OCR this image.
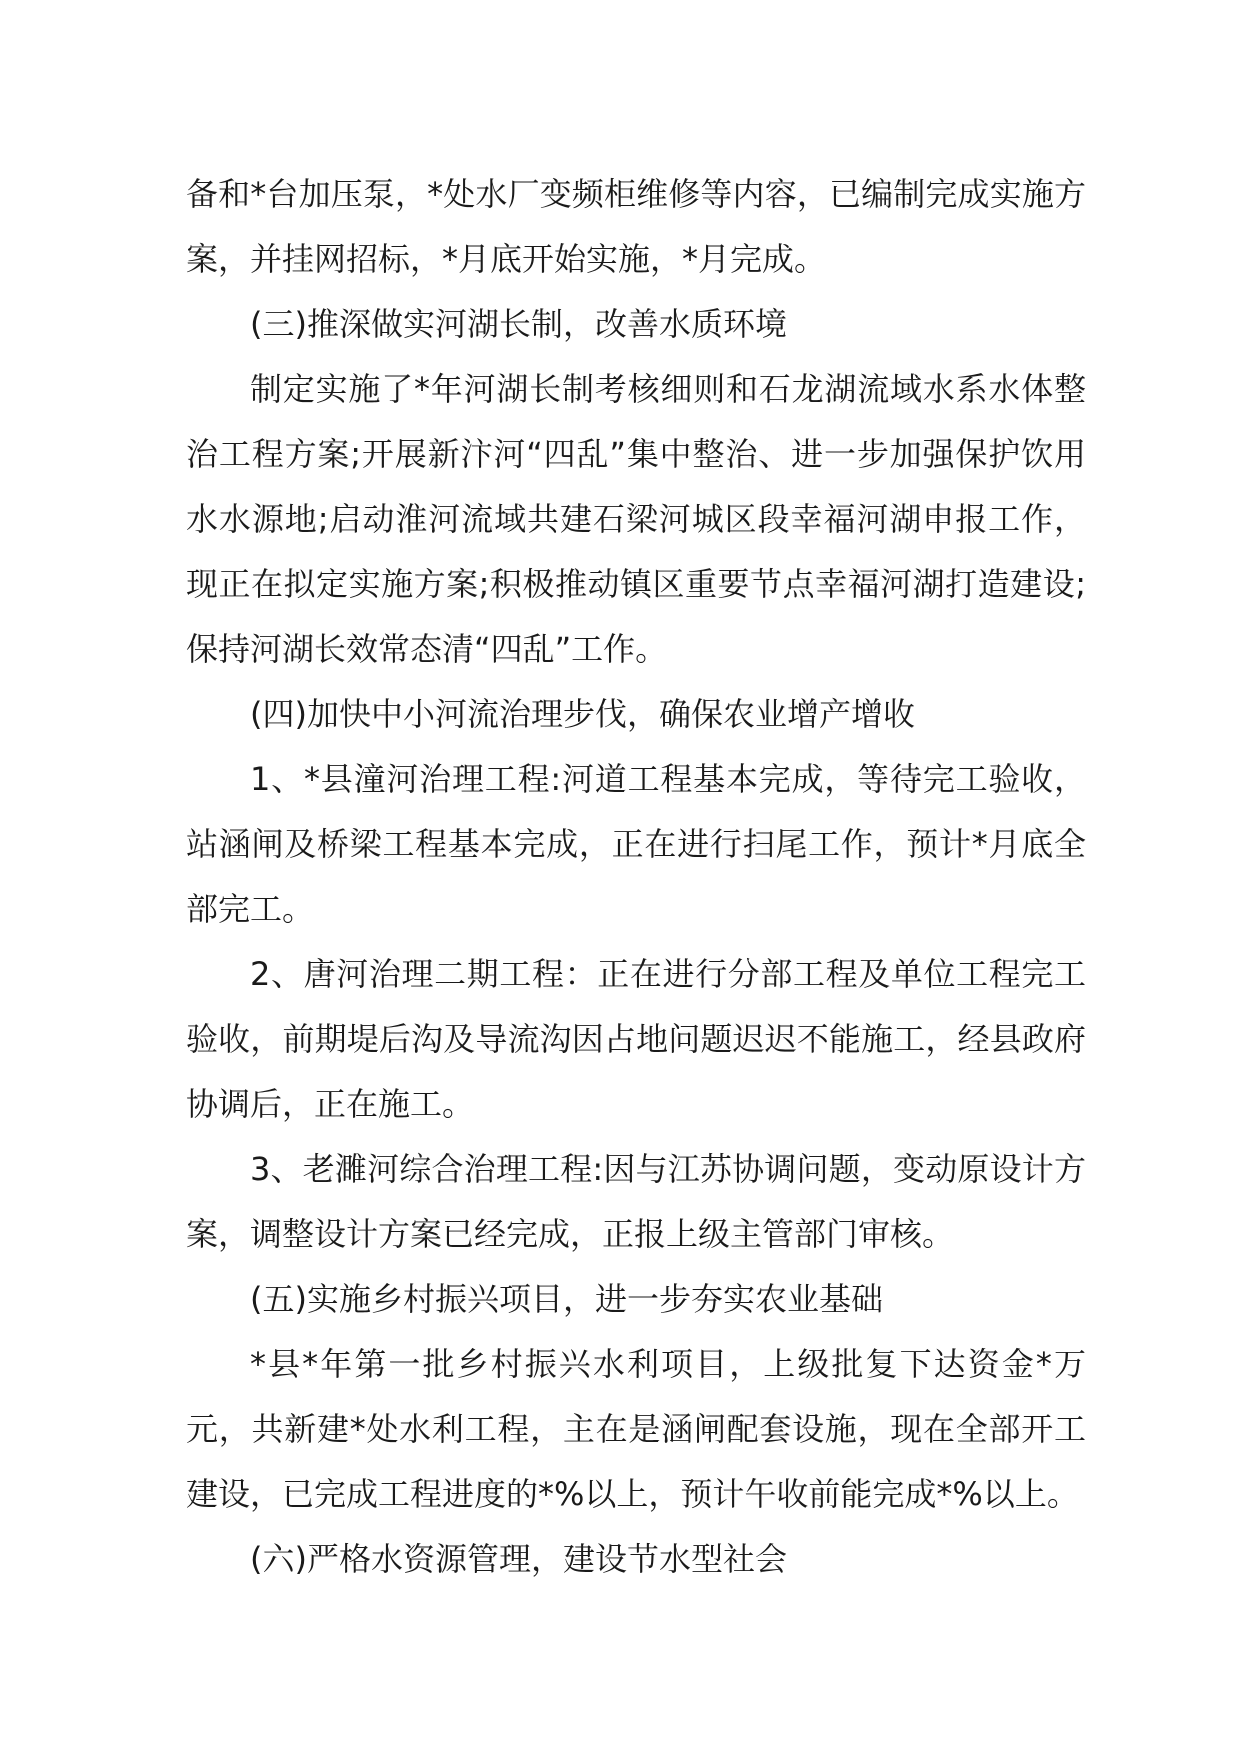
备和*台加压泵，*处水厂变频柜维修等内容，已编制完成实施方案，并挂网招标，*月底开始实施，*月完成。

(三)推深做实河湖长制，改善水质环境

制定实施了*年河湖长制考核细则和石龙湖流域水系水体整治工程方案;开展新汴河“四乱”集中整治、进一步加强保护饮用水水源地;启动淮河流域共建石梁河城区段幸福河湖申报工作，现正在拟定实施方案;积极推动镇区重要节点幸福河湖打造建设;保持河湖长效常态清“四乱”工作。

(四)加快中小河流治理步伐，确保农业增产增收

1、*县潼河治理工程:河道工程基本完成，等待完工验收，站涵闸及桥梁工程基本完成，正在进行扫尾工作，预计*月底全部完工。

2、唐河治理二期工程：正在进行分部工程及单位工程完工验收，前期堤后沟及导流沟因占地问题迟迟不能施工，经县政府协调后，正在施工。

3、老濉河综合治理工程:因与江苏协调问题，变动原设计方案，调整设计方案已经完成，正报上级主管部门审核。

(五)实施乡村振兴项目，进一步夯实农业基础

*县*年第一批乡村振兴水利项目，上级批复下达资金*万元，共新建*处水利工程，主在是涵闸配套设施，现在全部开工建设，已完成工程进度的*%以上，预计午收前能完成*%以上。

(六)严格水资源管理，建设节水型社会
